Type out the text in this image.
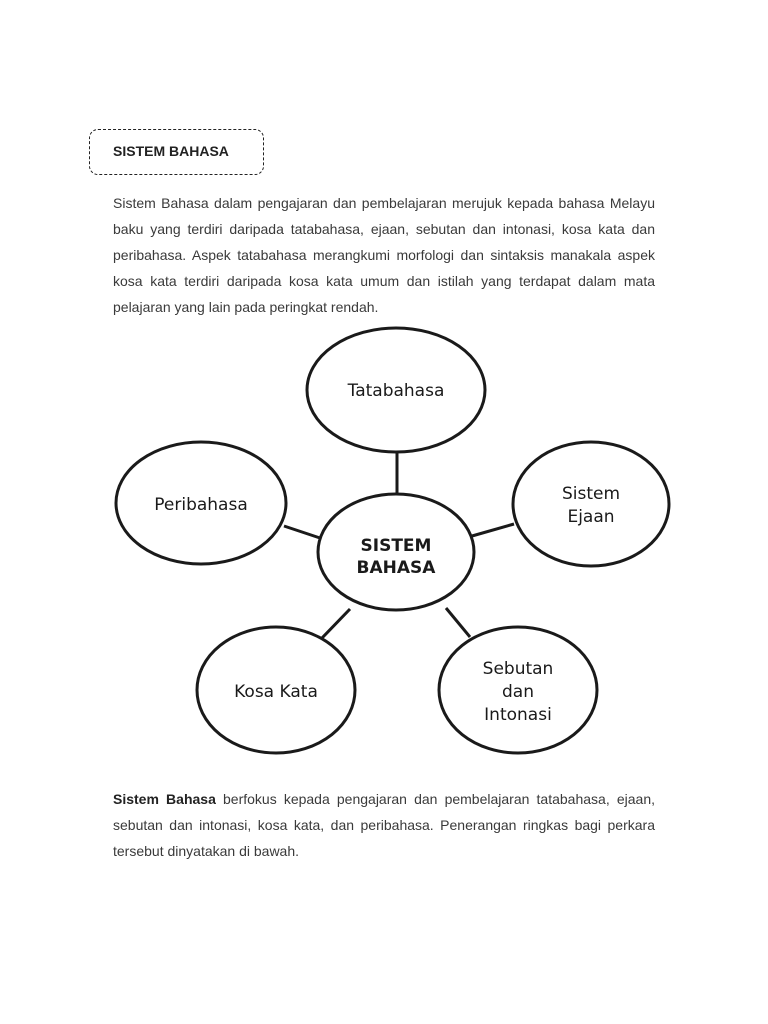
SISTEM BAHASA

Sistem Bahasa dalam pengajaran dan pembelajaran merujuk kepada bahasa Melayu baku yang terdiri daripada tatabahasa, ejaan, sebutan dan intonasi, kosa kata dan peribahasa. Aspek tatabahasa merangkumi morfologi dan sintaksis manakala aspek kosa kata terdiri daripada kosa kata umum dan istilah yang terdapat dalam mata pelajaran yang lain pada peringkat rendah.

Tatabahasa
Sistem
Ejaan
Sebutan
dan
Intonasi
Kosa Kata
Peribahasa
SISTEM
BAHASA

Sistem Bahasa berfokus kepada pengajaran dan pembelajaran tatabahasa, ejaan, sebutan dan intonasi, kosa kata, dan peribahasa. Penerangan ringkas bagi perkara tersebut dinyatakan di bawah.
